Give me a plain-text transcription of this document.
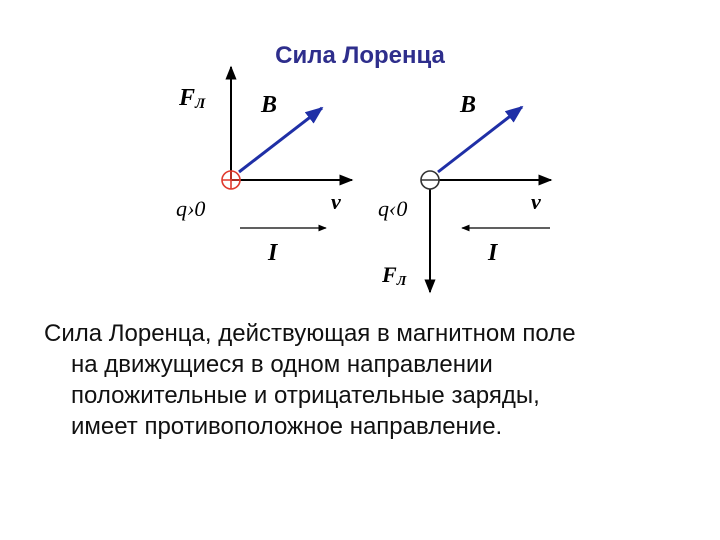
Сила Лоренца
FЛ B
q›0	v
I
B
q‹0	v
I
FЛ
Сила Лоренца, действующая в магнитном поле
на движущиеся в одном направлении
положительные и отрицательные заряды,
имеет противоположное направление.
